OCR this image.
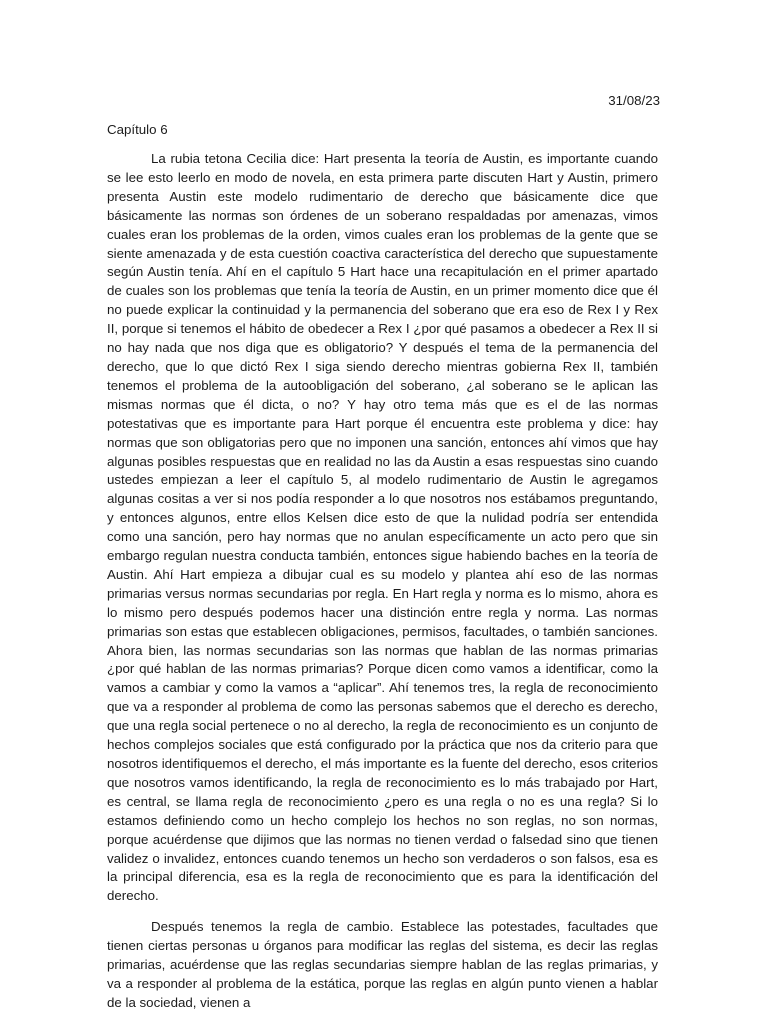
31/08/23
Capítulo 6

La rubia tetona Cecilia dice: Hart presenta la teoría de Austin, es importante cuando se lee esto leerlo en modo de novela, en esta primera parte discuten Hart y Austin, primero presenta Austin este modelo rudimentario de derecho que básicamente dice que básicamente las normas son órdenes de un soberano respaldadas por amenazas, vimos cuales eran los problemas de la orden, vimos cuales eran los problemas de la gente que se siente amenazada y de esta cuestión coactiva característica del derecho que supuestamente según Austin tenía. Ahí en el capítulo 5 Hart hace una recapitulación en el primer apartado de cuales son los problemas que tenía la teoría de Austin, en un primer momento dice que él no puede explicar la continuidad y la permanencia del soberano que era eso de Rex I y Rex II, porque si tenemos el hábito de obedecer a Rex I ¿por qué pasamos a obedecer a Rex II si no hay nada que nos diga que es obligatorio? Y después el tema de la permanencia del derecho, que lo que dictó Rex I siga siendo derecho mientras gobierna Rex II, también tenemos el problema de la autoobligación del soberano, ¿al soberano se le aplican las mismas normas que él dicta, o no? Y hay otro tema más que es el de las normas potestativas que es importante para Hart porque él encuentra este problema y dice: hay normas que son obligatorias pero que no imponen una sanción, entonces ahí vimos que hay algunas posibles respuestas que en realidad no las da Austin a esas respuestas sino cuando ustedes empiezan a leer el capítulo 5, al modelo rudimentario de Austin le agregamos algunas cositas a ver si nos podía responder a lo que nosotros nos estábamos preguntando, y entonces algunos, entre ellos Kelsen dice esto de que la nulidad podría ser entendida como una sanción, pero hay normas que no anulan específicamente un acto pero que sin embargo regulan nuestra conducta también, entonces sigue habiendo baches en la teoría de Austin. Ahí Hart empieza a dibujar cual es su modelo y plantea ahí eso de las normas primarias versus normas secundarias por regla. En Hart regla y norma es lo mismo, ahora es lo mismo pero después podemos hacer una distinción entre regla y norma. Las normas primarias son estas que establecen obligaciones, permisos, facultades, o también sanciones. Ahora bien, las normas secundarias son las normas que hablan de las normas primarias ¿por qué hablan de las normas primarias? Porque dicen como vamos a identificar, como la vamos a cambiar y como la vamos a “aplicar”. Ahí tenemos tres, la regla de reconocimiento que va a responder al problema de como las personas sabemos que el derecho es derecho, que una regla social pertenece o no al derecho, la regla de reconocimiento es un conjunto de hechos complejos sociales que está configurado por la práctica que nos da criterio para que nosotros identifiquemos el derecho, el más importante es la fuente del derecho, esos criterios que nosotros vamos identificando, la regla de reconocimiento es lo más trabajado por Hart, es central, se llama regla de reconocimiento ¿pero es una regla o no es una regla? Si lo estamos definiendo como un hecho complejo los hechos no son reglas, no son normas, porque acuérdense que dijimos que las normas no tienen verdad o falsedad sino que tienen validez o invalidez, entonces cuando tenemos un hecho son verdaderos o son falsos, esa es la principal diferencia, esa es la regla de reconocimiento que es para la identificación del derecho.

Después tenemos la regla de cambio. Establece las potestades, facultades que tienen ciertas personas u órganos para modificar las reglas del sistema, es decir las reglas primarias, acuérdense que las reglas secundarias siempre hablan de las reglas primarias, y va a responder al problema de la estática, porque las reglas en algún punto vienen a hablar de la sociedad, vienen a
